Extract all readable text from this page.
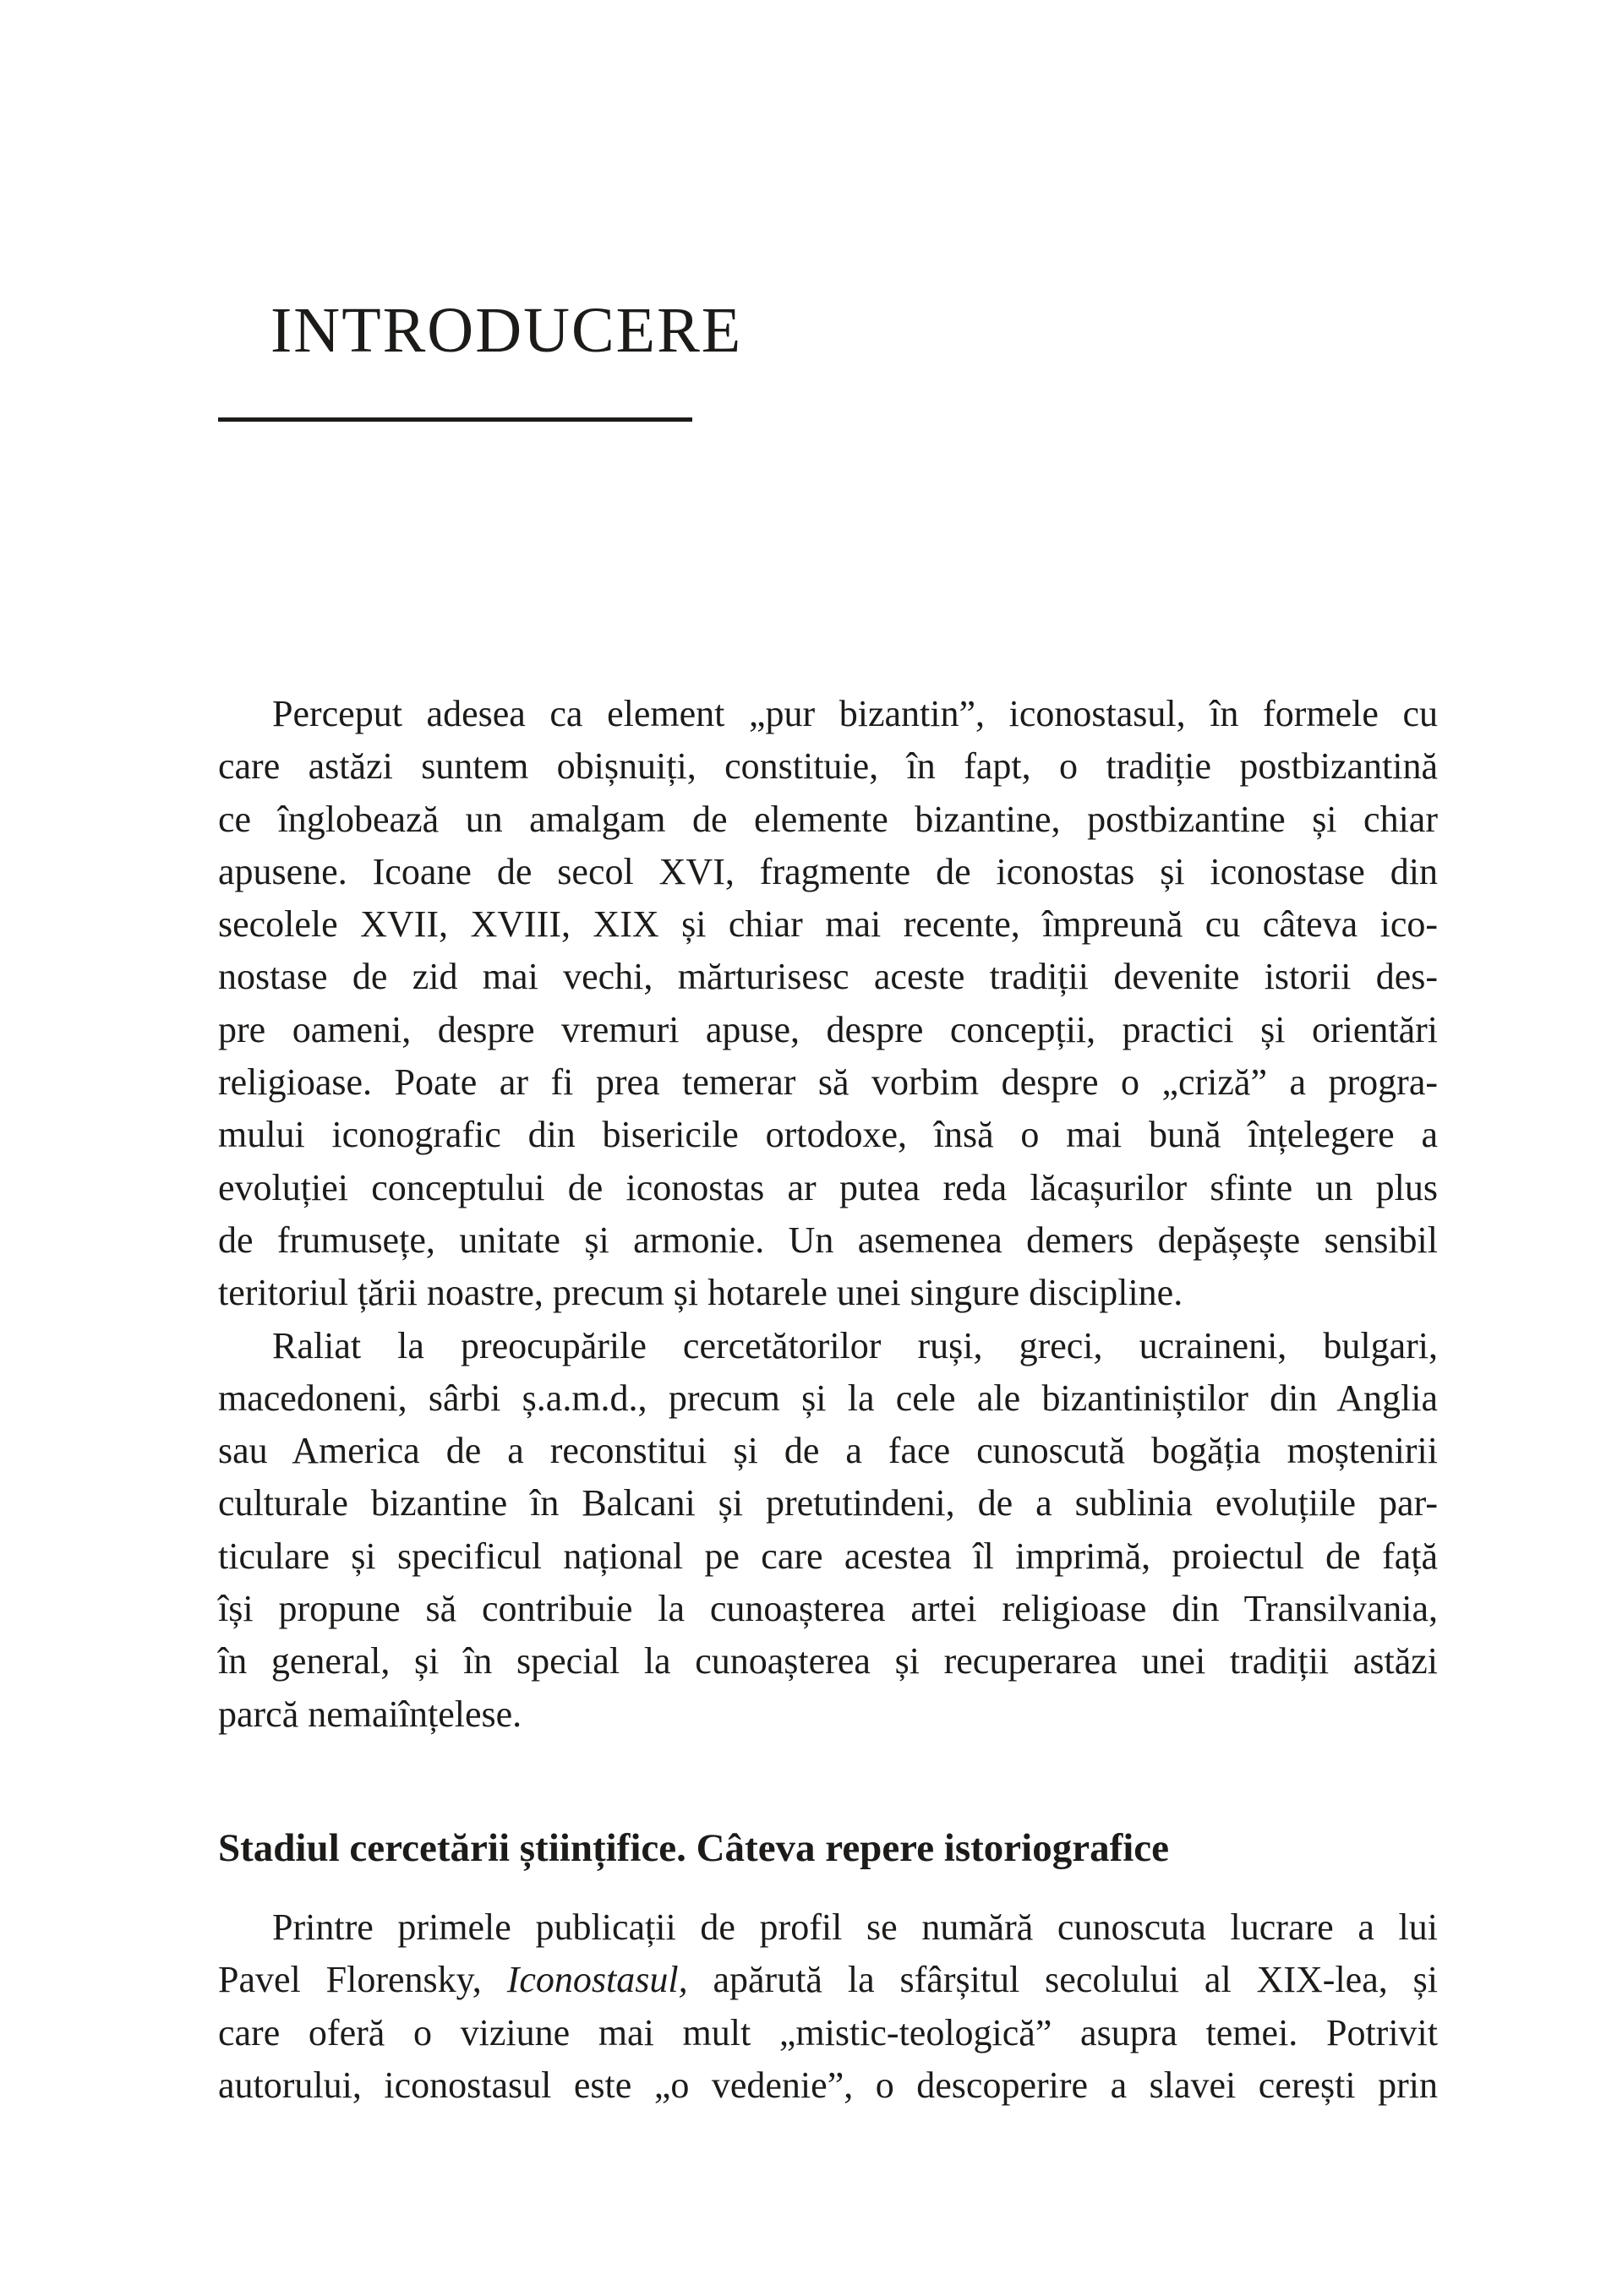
INTRODUCERE
Perceput adesea ca element „pur bizantin”, iconostasul, în formele cu
care astăzi suntem obișnuiți, constituie, în fapt, o tradiție postbizantină
ce înglobează un amalgam de elemente bizantine, postbizantine și chiar
apusene. Icoane de secol XVI, fragmente de iconostas și iconostase din
secolele XVII, XVIII, XIX și chiar mai recente, împreună cu câteva ico-
nostase de zid mai vechi, mărturisesc aceste tradiții devenite istorii des-
pre oameni, despre vremuri apuse, despre concepții, practici și orientări
religioase. Poate ar fi prea temerar să vorbim despre o „criză” a progra-
mului iconografic din bisericile ortodoxe, însă o mai bună înțelegere a
evoluției conceptului de iconostas ar putea reda lăcașurilor sfinte un plus
de frumusețe, unitate și armonie. Un asemenea demers depășește sensibil
teritoriul țării noastre, precum și hotarele unei singure discipline.
Raliat la preocupările cercetătorilor ruși, greci, ucraineni, bulgari,
macedoneni, sârbi ș.a.m.d., precum și la cele ale bizantiniștilor din Anglia
sau America de a reconstitui și de a face cunoscută bogăția moștenirii
culturale bizantine în Balcani și pretutindeni, de a sublinia evoluțiile par-
ticulare și specificul național pe care acestea îl imprimă, proiectul de față
își propune să contribuie la cunoașterea artei religioase din Transilvania,
în general, și în special la cunoașterea și recuperarea unei tradiții astăzi
parcă nemaiînțelese.
Stadiul cercetării științifice. Câteva repere istoriografice
Printre primele publicații de profil se numără cunoscuta lucrare a lui
Pavel Florensky, Iconostasul, apărută la sfârșitul secolului al XIX-lea, și
care oferă o viziune mai mult „mistic-teologică” asupra temei. Potrivit
autorului, iconostasul este „o vedenie”, o descoperire a slavei cerești prin
